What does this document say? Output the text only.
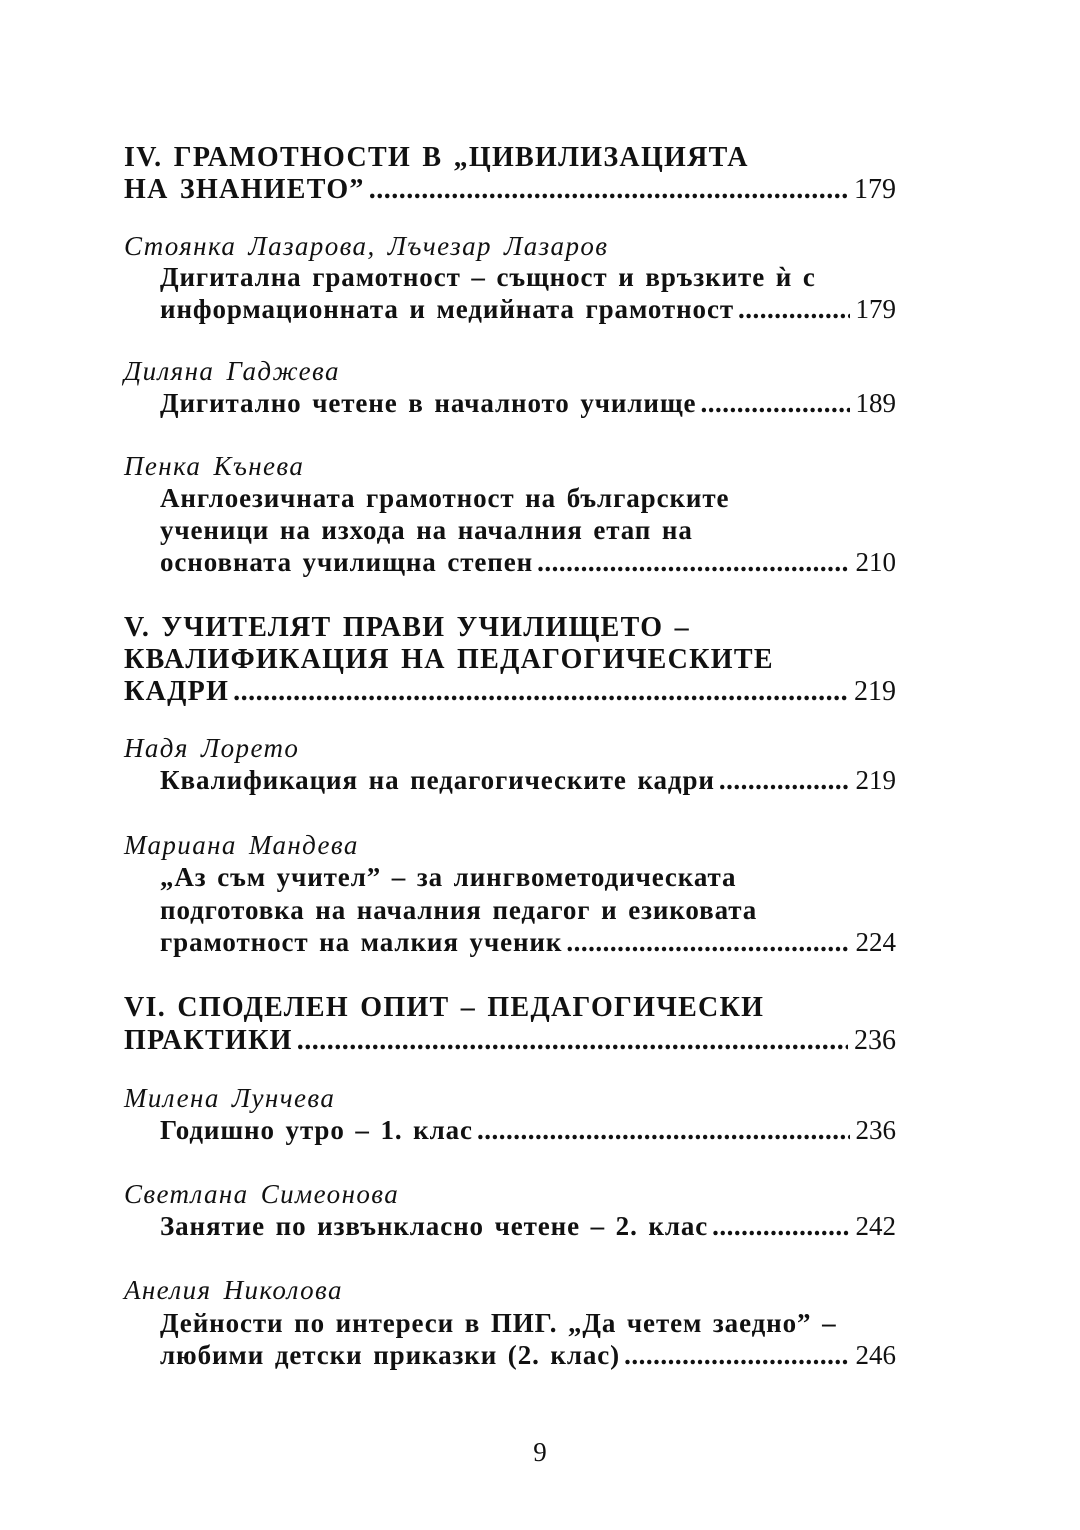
IV. ГРАМОТНОСТИ В „ЦИВИЛИЗАЦИЯТА
НА ЗНАНИЕТО” .....	179
Стоянка Лазарова, Лъчезар Лазаров
Дигитална грамотност – същност и връзките ѝ с
информационната и медийната грамотност .....	179
Диляна Гаджева
Дигитално четене в началното училище .....	189
Пенка Кънева
Англоезичната грамотност на българските
ученици на изхода на началния етап на
основната училищна степен .....	210
V. УЧИТЕЛЯТ ПРАВИ УЧИЛИЩЕТО –
КВАЛИФИКАЦИЯ НА ПЕДАГОГИЧЕСКИТЕ
КАДРИ .....	219
Надя Лорето
Квалификация на педагогическите кадри .....	219
Мариана Мандева
„Аз съм учител” – за лингвометодическата
подготовка на началния педагог и езиковата
грамотност на малкия ученик .....	224
VI. СПОДЕЛЕН ОПИТ – ПЕДАГОГИЧЕСКИ
ПРАКТИКИ .....	236
Милена Лунчева
Годишно утро – 1. клас .....	236
Светлана Симеонова
Занятие по извънкласно четене – 2. клас .....	242
Анелия Николова
Дейности по интереси в ПИГ. „Да четем заедно” –
любими детски приказки (2. клас) .....	246
9
